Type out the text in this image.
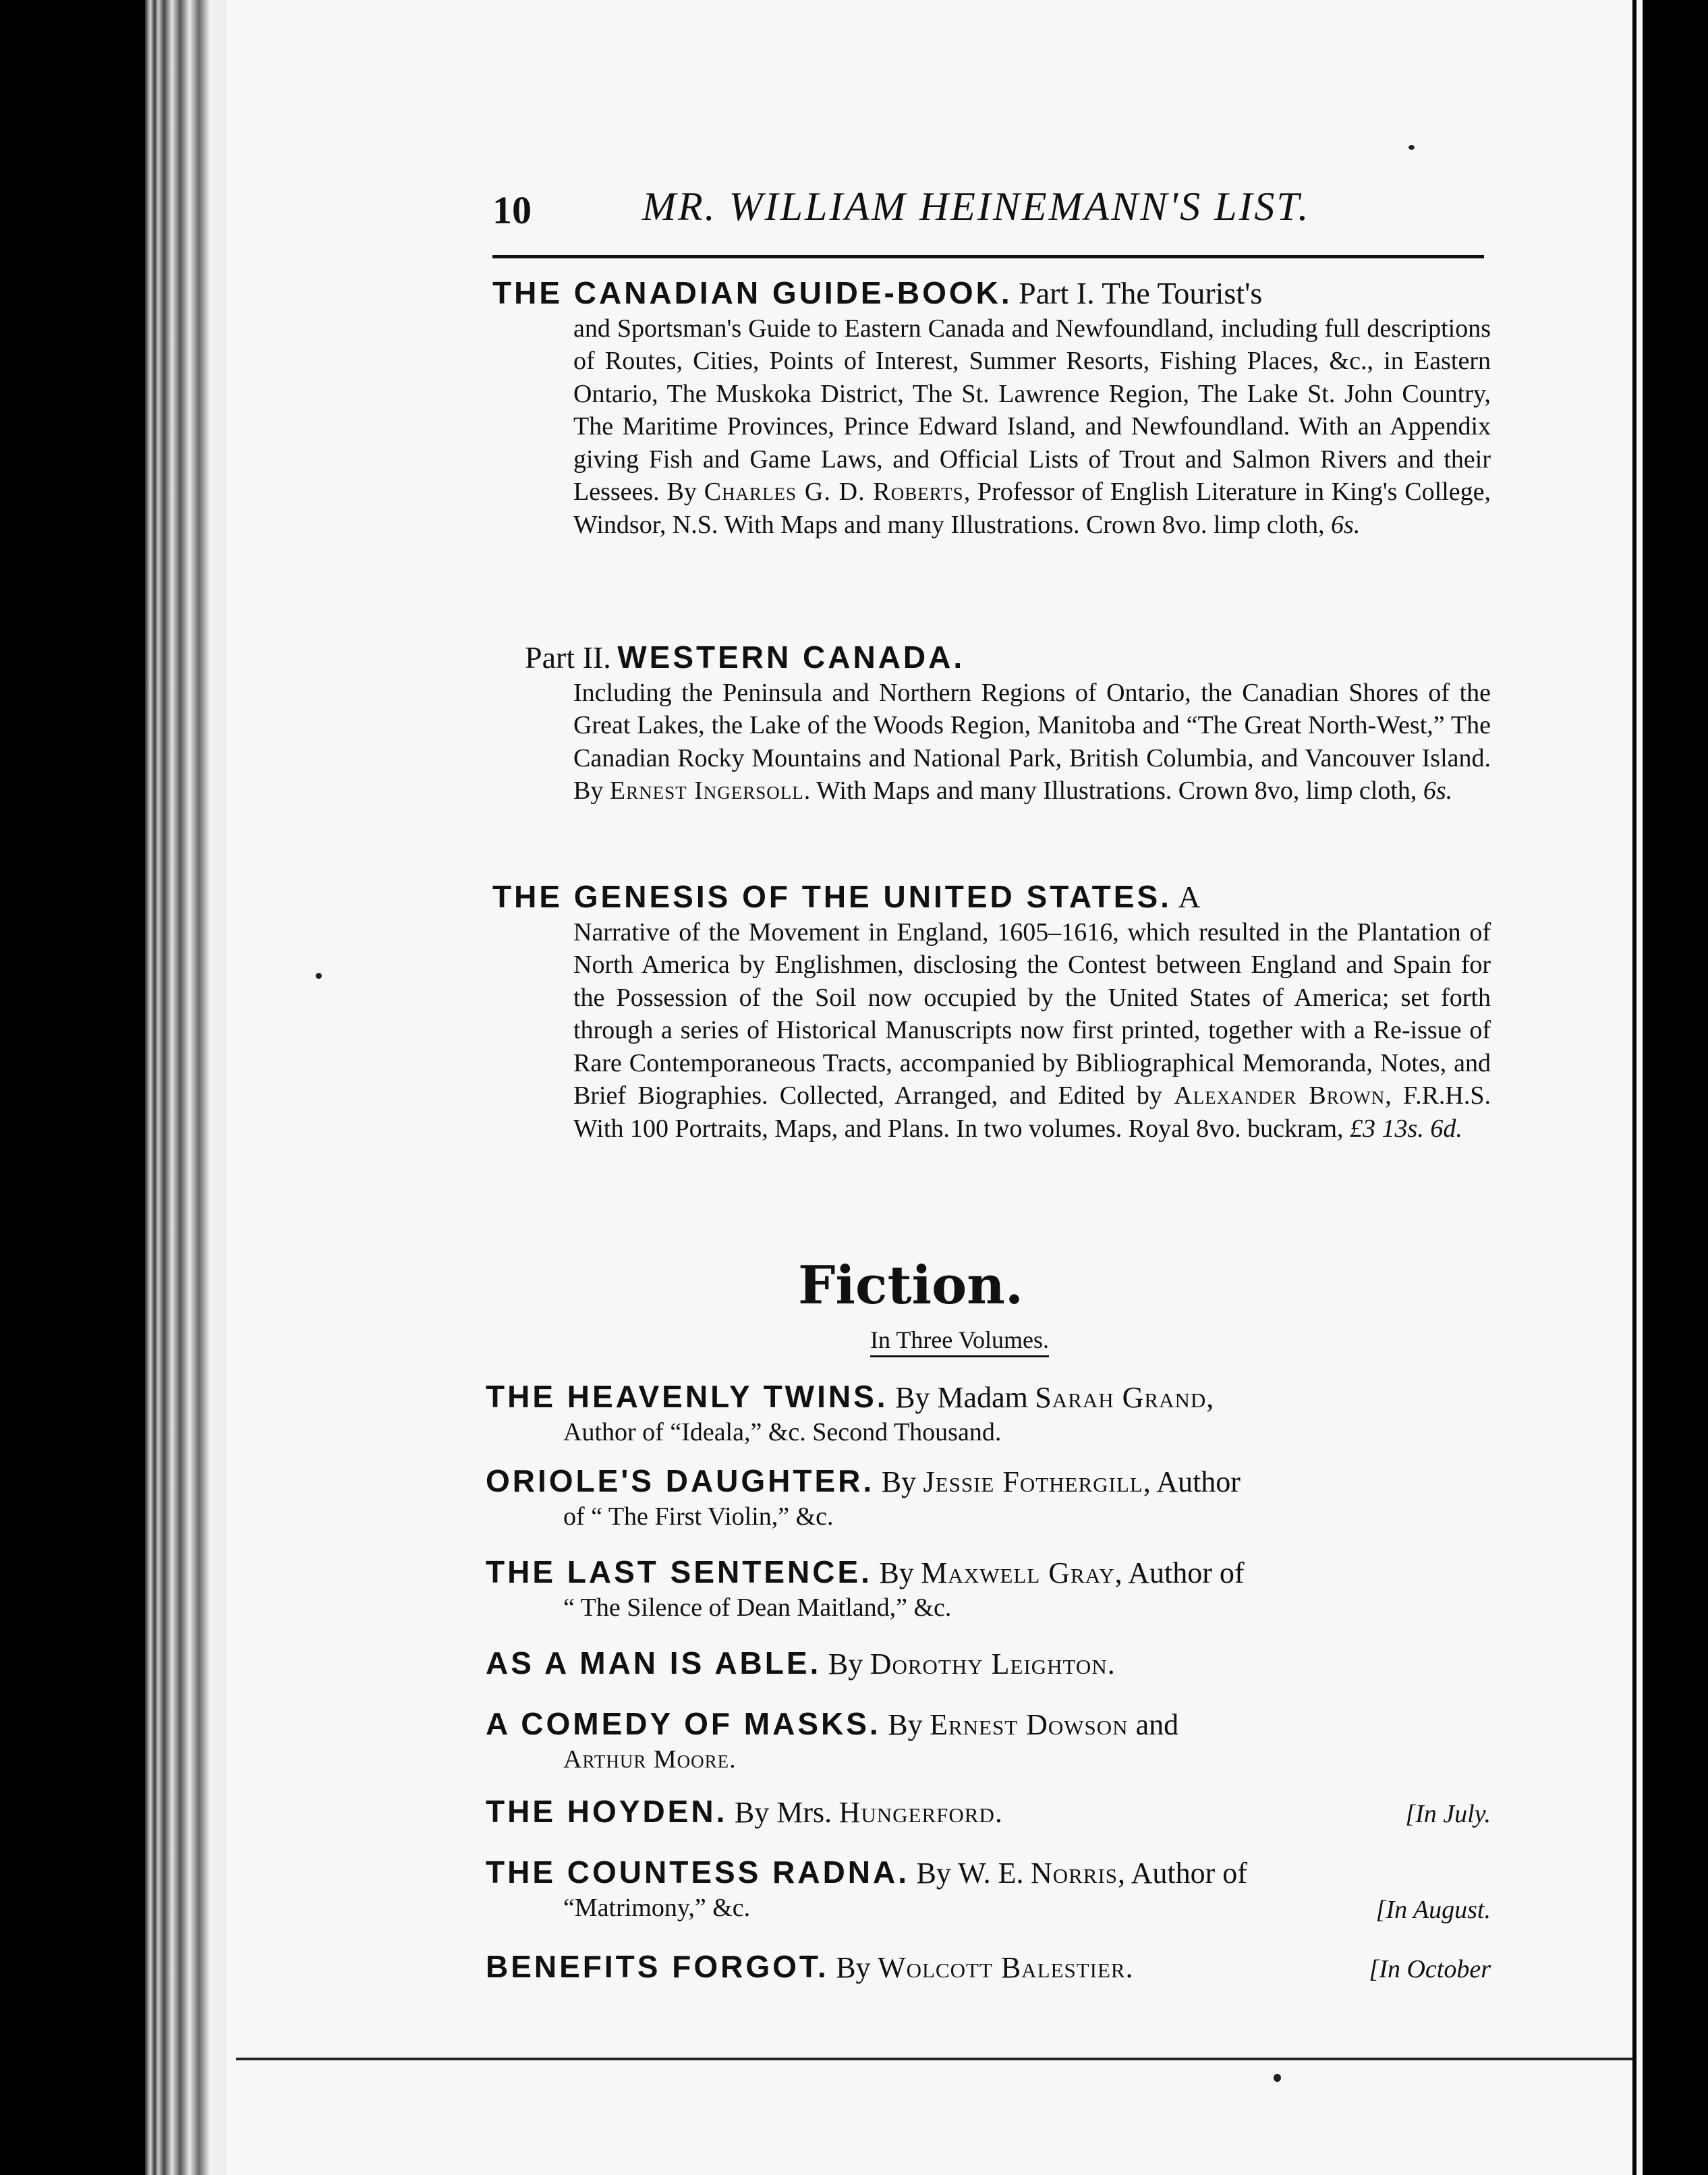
10	MR. WILLIAM HEINEMANN'S LIST.
THE CANADIAN GUIDE-BOOK. Part I. The Tourist's
and Sportsman's Guide to Eastern Canada and Newfoundland, including full descriptions of Routes, Cities, Points of Interest, Summer Resorts, Fishing Places, &c., in Eastern Ontario, The Muskoka District, The St. Lawrence Region, The Lake St. John Country, The Maritime Provinces, Prince Edward Island, and Newfoundland. With an Appendix giving Fish and Game Laws, and Official Lists of Trout and Salmon Rivers and their Lessees. By Charles G. D. Roberts, Professor of English Literature in King's College, Windsor, N.S. With Maps and many Illustrations. Crown 8vo. limp cloth, 6s.
Part II. WESTERN CANADA.
Including the Peninsula and Northern Regions of Ontario, the Canadian Shores of the Great Lakes, the Lake of the Woods Region, Manitoba and “The Great North-West,” The Canadian Rocky Mountains and National Park, British Columbia, and Vancouver Island. By Ernest Ingersoll. With Maps and many Illustrations. Crown 8vo, limp cloth, 6s.
THE GENESIS OF THE UNITED STATES. A
Narrative of the Movement in England, 1605–1616, which resulted in the Plantation of North America by Englishmen, disclosing the Contest between England and Spain for the Possession of the Soil now occupied by the United States of America; set forth through a series of Historical Manuscripts now first printed, together with a Re-issue of Rare Contemporaneous Tracts, accompanied by Bibliographical Memoranda, Notes, and Brief Biographies. Collected, Arranged, and Edited by Alexander Brown, F.R.H.S. With 100 Portraits, Maps, and Plans. In two volumes. Royal 8vo. buckram, £3 13s. 6d.
Fiction.
In Three Volumes.
THE HEAVENLY TWINS. By Madam Sarah Grand,
Author of “Ideala,” &c. Second Thousand.
ORIOLE'S DAUGHTER. By Jessie Fothergill, Author
of “ The First Violin,” &c.
THE LAST SENTENCE. By Maxwell Gray, Author of
“ The Silence of Dean Maitland,” &c.
AS A MAN IS ABLE. By Dorothy Leighton.
A COMEDY OF MASKS. By Ernest Dowson and
Arthur Moore.
THE HOYDEN. By Mrs. Hungerford.	[In July.
THE COUNTESS RADNA. By W. E. Norris, Author of
“Matrimony,” &c.	[In August.
BENEFITS FORGOT. By Wolcott Balestier.	[In October
